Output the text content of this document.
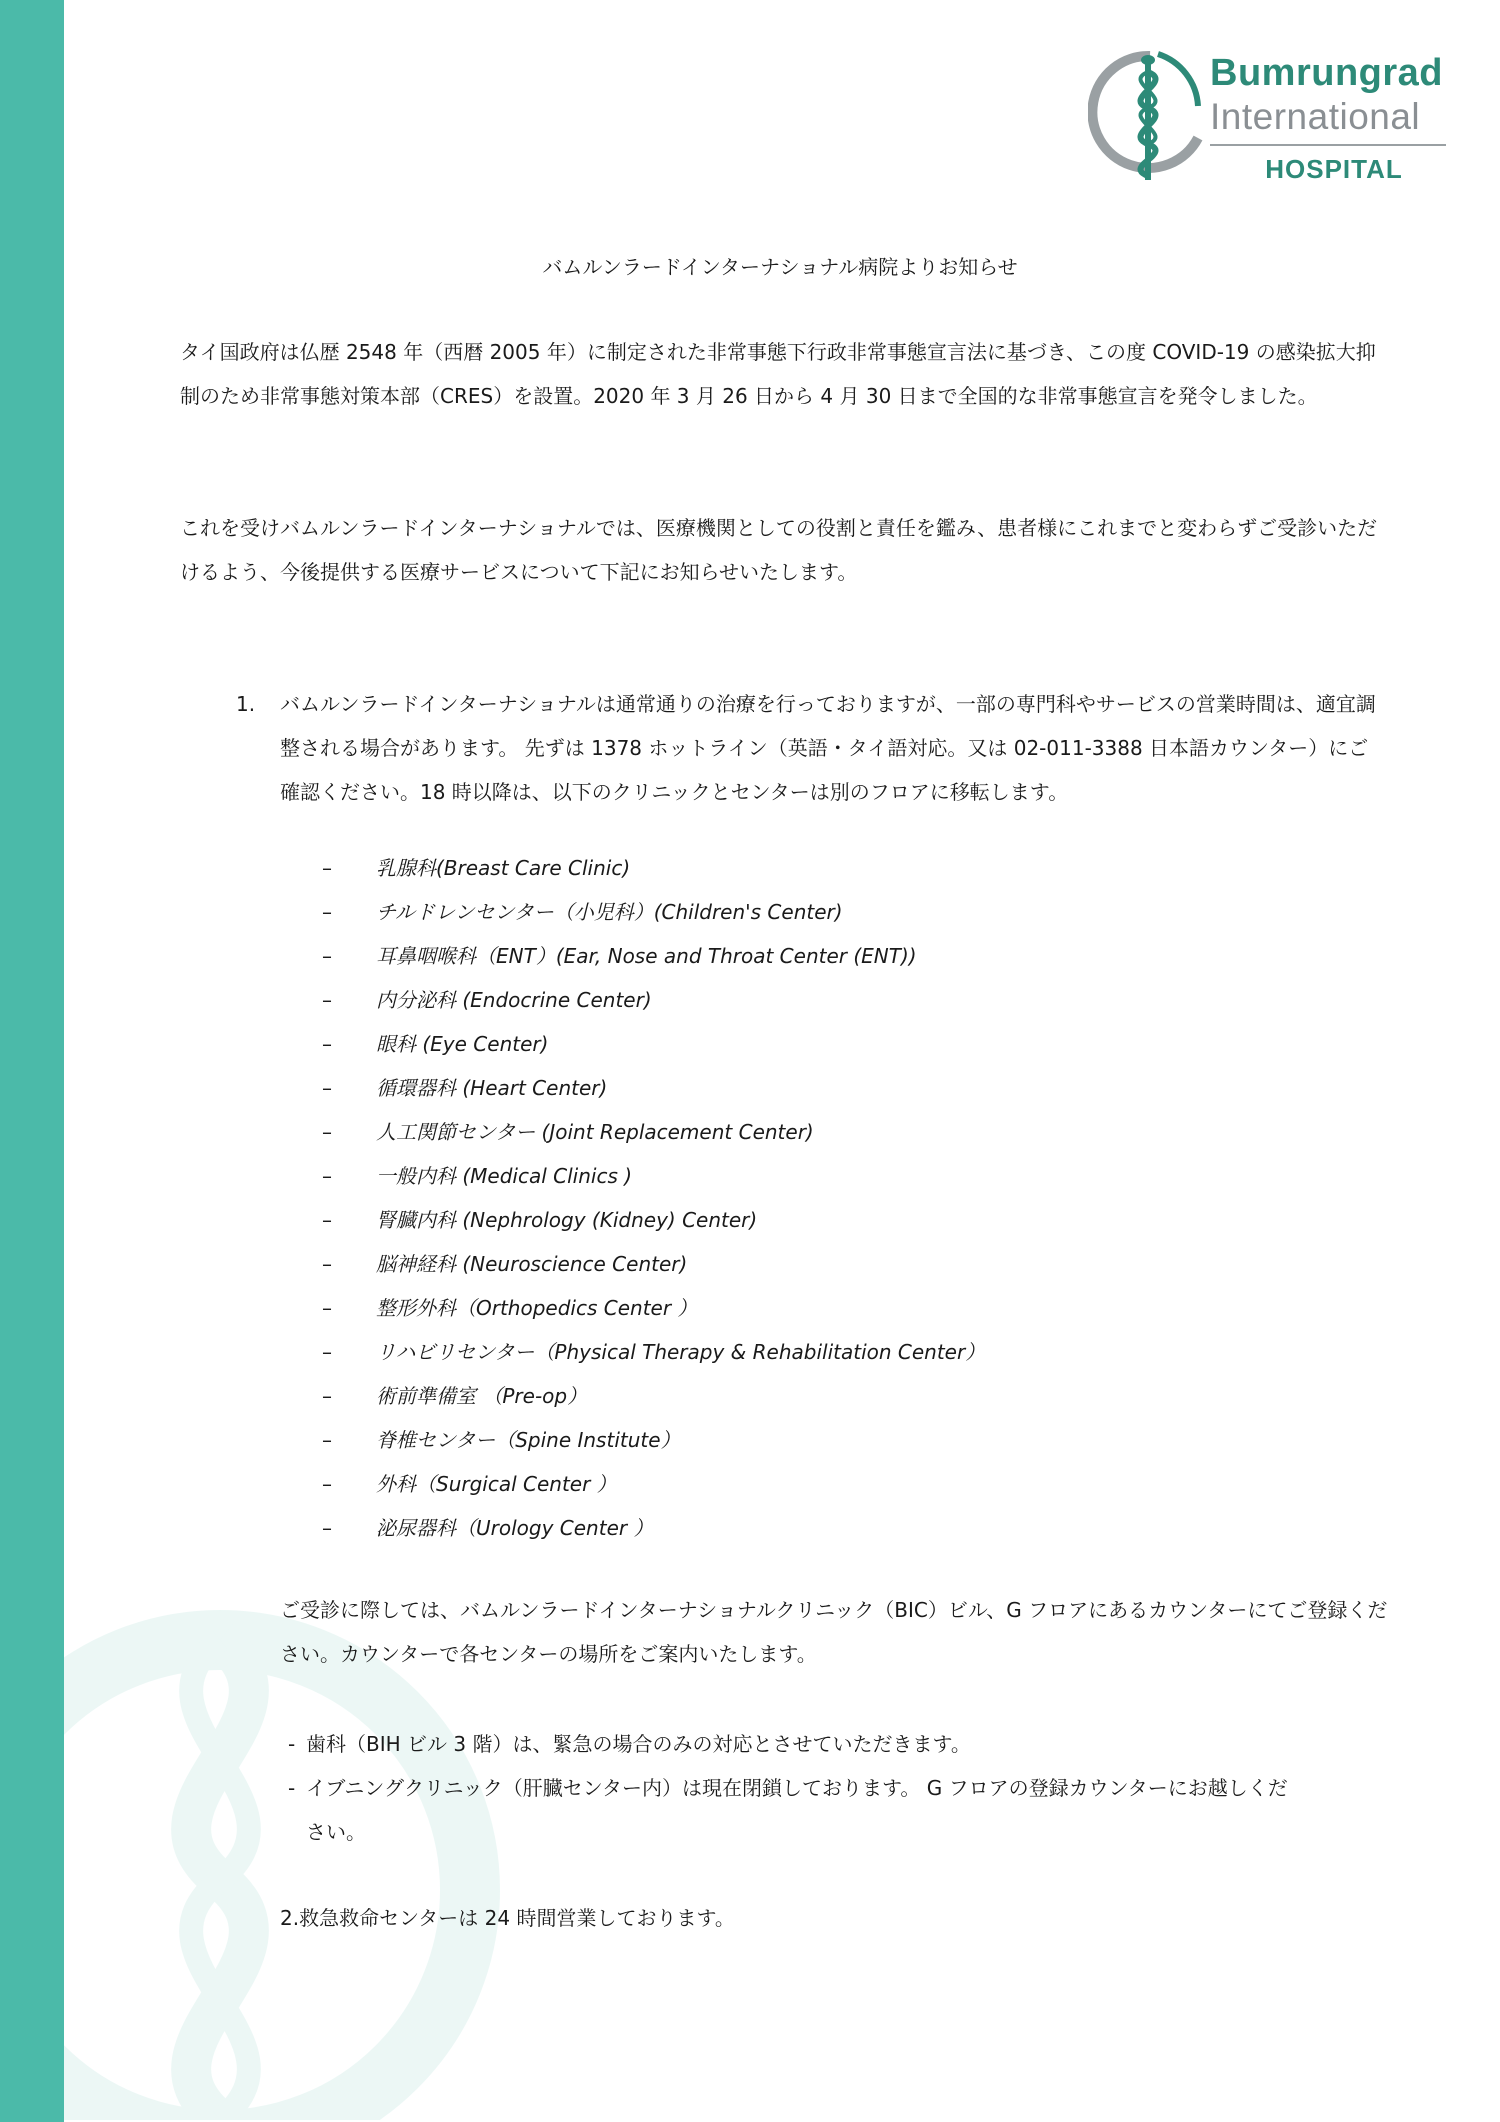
Bumrungrad
International
HOSPITAL
バムルンラードインターナショナル病院よりお知らせ
タイ国政府は仏歴 2548 年（西暦 2005 年）に制定された非常事態下行政非常事態宣言法に基づき、この度 COVID-19 の感染拡大抑制のため非常事態対策本部（CRES）を設置。2020 年 3 月 26 日から 4 月 30 日まで全国的な非常事態宣言を発令しました。
これを受けバムルンラードインターナショナルでは、医療機関としての役割と責任を鑑み、患者様にこれまでと変わらずご受診いただけるよう、今後提供する医療サービスについて下記にお知らせいたします。
1.	バムルンラードインターナショナルは通常通りの治療を行っておりますが、一部の専門科やサービスの営業時間は、適宜調整される場合があります。 先ずは 1378 ホットライン（英語・タイ語対応。又は 02-011-3388 日本語カウンター）にご確認ください。18 時以降は、以下のクリニックとセンターは別のフロアに移転します。
– 乳腺科(Breast Care Clinic)
– チルドレンセンター（小児科）(Children's Center)
– 耳鼻咽喉科（ENT）(Ear, Nose and Throat Center (ENT))
– 内分泌科 (Endocrine Center)
– 眼科 (Eye Center)
– 循環器科 (Heart Center)
– 人工関節センター (Joint Replacement Center)
– 一般内科 (Medical Clinics )
– 腎臓内科 (Nephrology (Kidney) Center)
– 脳神経科 (Neuroscience Center)
– 整形外科（Orthopedics Center ）
– リハビリセンター（Physical Therapy & Rehabilitation Center）
– 術前準備室 （Pre-op）
– 脊椎センター（Spine Institute）
– 外科（Surgical Center ）
– 泌尿器科（Urology Center ）
ご受診に際しては、バムルンラードインターナショナルクリニック（BIC）ビル、G フロアにあるカウンターにてご登録ください。カウンターで各センターの場所をご案内いたします。
- 歯科（BIH ビル 3 階）は、緊急の場合のみの対応とさせていただきます。
- イブニングクリニック（肝臓センター内）は現在閉鎖しております。 G フロアの登録カウンターにお越しください。
2.救急救命センターは 24 時間営業しております。
